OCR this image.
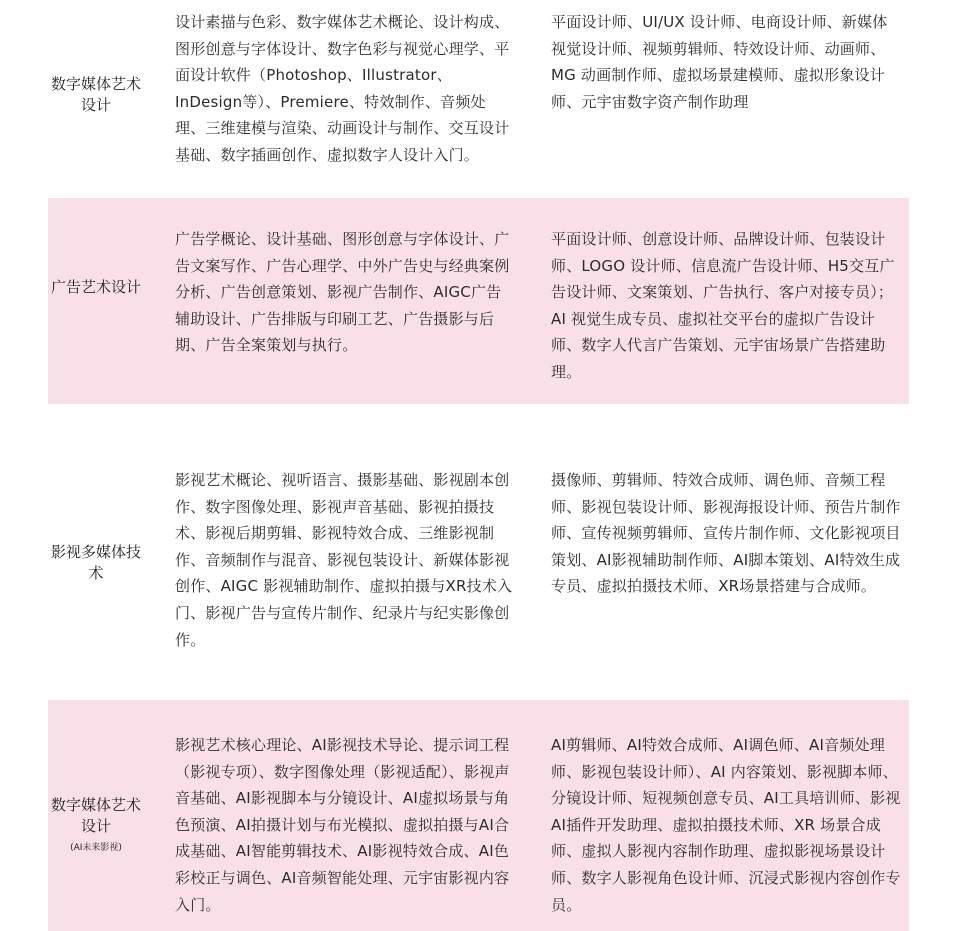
数字媒体艺术设计
设计素描与色彩、数字媒体艺术概论、设计构成、图形创意与字体设计、数字色彩与视觉心理学、平面设计软件（Photoshop、Illustrator、InDesign等）、Premiere、特效制作、音频处理、三维建模与渲染、动画设计与制作、交互设计基础、数字插画创作、虚拟数字人设计入门。
平面设计师、UI/UX 设计师、电商设计师、新媒体视觉设计师、视频剪辑师、特效设计师、动画师、MG 动画制作师、虚拟场景建模师、虚拟形象设计师、元宇宙数字资产制作助理
广告艺术设计
广告学概论、设计基础、图形创意与字体设计、广告文案写作、广告心理学、中外广告史与经典案例分析、广告创意策划、影视广告制作、AIGC广告辅助设计、广告排版与印刷工艺、广告摄影与后期、广告全案策划与执行。
平面设计师、创意设计师、品牌设计师、包装设计师、LOGO 设计师、信息流广告设计师、H5交互广告设计师、文案策划、广告执行、客户对接专员）；AI 视觉生成专员、虚拟社交平台的虚拟广告设计师、数字人代言广告策划、元宇宙场景广告搭建助理。
影视多媒体技术
影视艺术概论、视听语言、摄影基础、影视剧本创作、数字图像处理、影视声音基础、影视拍摄技术、影视后期剪辑、影视特效合成、三维影视制作、音频制作与混音、影视包装设计、新媒体影视创作、AIGC 影视辅助制作、虚拟拍摄与XR技术入门、影视广告与宣传片制作、纪录片与纪实影像创作。
摄像师、剪辑师、特效合成师、调色师、音频工程师、影视包装设计师、影视海报设计师、预告片制作师、宣传视频剪辑师、宣传片制作师、文化影视项目策划、AI影视辅助制作师、AI脚本策划、AI特效生成专员、虚拟拍摄技术师、XR场景搭建与合成师。
数字媒体艺术设计
(AI未来影视)
影视艺术核心理论、AI影视技术导论、提示词工程（影视专项）、数字图像处理（影视适配）、影视声音基础、AI影视脚本与分镜设计、AI虚拟场景与角色预演、AI拍摄计划与布光模拟、虚拟拍摄与AI合成基础、AI智能剪辑技术、AI影视特效合成、AI色彩校正与调色、AI音频智能处理、元宇宙影视内容入门。
AI剪辑师、AI特效合成师、AI调色师、AI音频处理师、影视包装设计师）、AI 内容策划、影视脚本师、分镜设计师、短视频创意专员、AI工具培训师、影视AI插件开发助理、虚拟拍摄技术师、XR 场景合成师、虚拟人影视内容制作助理、虚拟影视场景设计师、数字人影视角色设计师、沉浸式影视内容创作专员。
